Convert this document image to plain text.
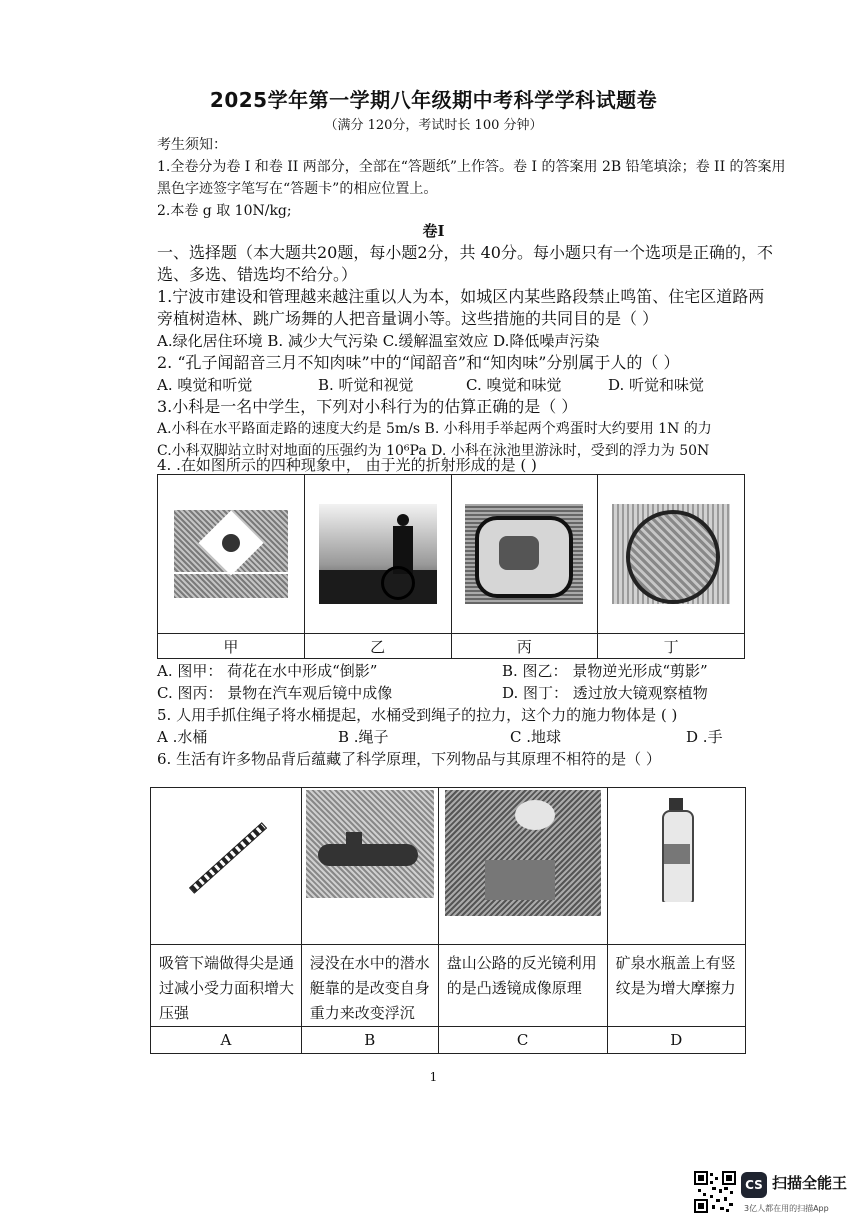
2025学年第一学期八年级期中考科学学科试题卷
（满分 120分，考试时长 100 分钟）
考生须知：
1.全卷分为卷 I 和卷 II 两部分，全部在“答题纸”上作答。卷 I 的答案用 2B 铅笔填涂；卷 II 的答案用
黑色字迹签字笔写在“答题卡”的相应位置上。
2.本卷 g 取 10N/kg;
卷I
一、选择题（本大题共20题，每小题2分，共 40分。每小题只有一个选项是正确的，不
选、多选、错选均不给分。）
1.宁波市建设和管理越来越注重以人为本，如城区内某些路段禁止鸣笛、住宅区道路两
旁植树造林、跳广场舞的人把音量调小等。这些措施的共同目的是（ ）
A.绿化居住环境 B. 减少大气污染 C.缓解温室效应 D.降低噪声污染
2. “孔子闻韶音三月不知肉味”中的“闻韶音”和“知肉味”分别属于人的（ ）
A. 嗅觉和听觉	B. 听觉和视觉	C. 嗅觉和味觉	D. 听觉和味觉
3.小科是一名中学生，下列对小科行为的估算正确的是（ ）
A.小科在水平路面走路的速度大约是 5m/s B. 小科用手举起两个鸡蛋时大约要用 1N 的力
C.小科双脚站立时对地面的压强约为 10⁶Pa D. 小科在泳池里游泳时，受到的浮力为 50N
4. .在如图所示的四种现象中， 由于光的折射形成的是 ( )

甲	乙	丙	丁
A. 图甲： 荷花在水中形成“倒影”	B. 图乙： 景物逆光形成“剪影”
C. 图丙： 景物在汽车观后镜中成像	D. 图丁： 透过放大镜观察植物
5. 人用手抓住绳子将水桶提起，水桶受到绳子的拉力，这个力的施力物体是 ( )
A .水桶	B .绳子	C .地球	D .手
6. 生活有许多物品背后蕴藏了科学原理，下列物品与其原理不相符的是（ ）

吸管下端做得尖是通过减小受力面积增大压强	浸没在水中的潜水艇靠的是改变自身重力来改变浮沉	盘山公路的反光镜利用的是凸透镜成像原理	矿泉水瓶盖上有竖纹是为增大摩擦力

A	B	C	D
1
CS 扫描全能王
3亿人都在用的扫描App
